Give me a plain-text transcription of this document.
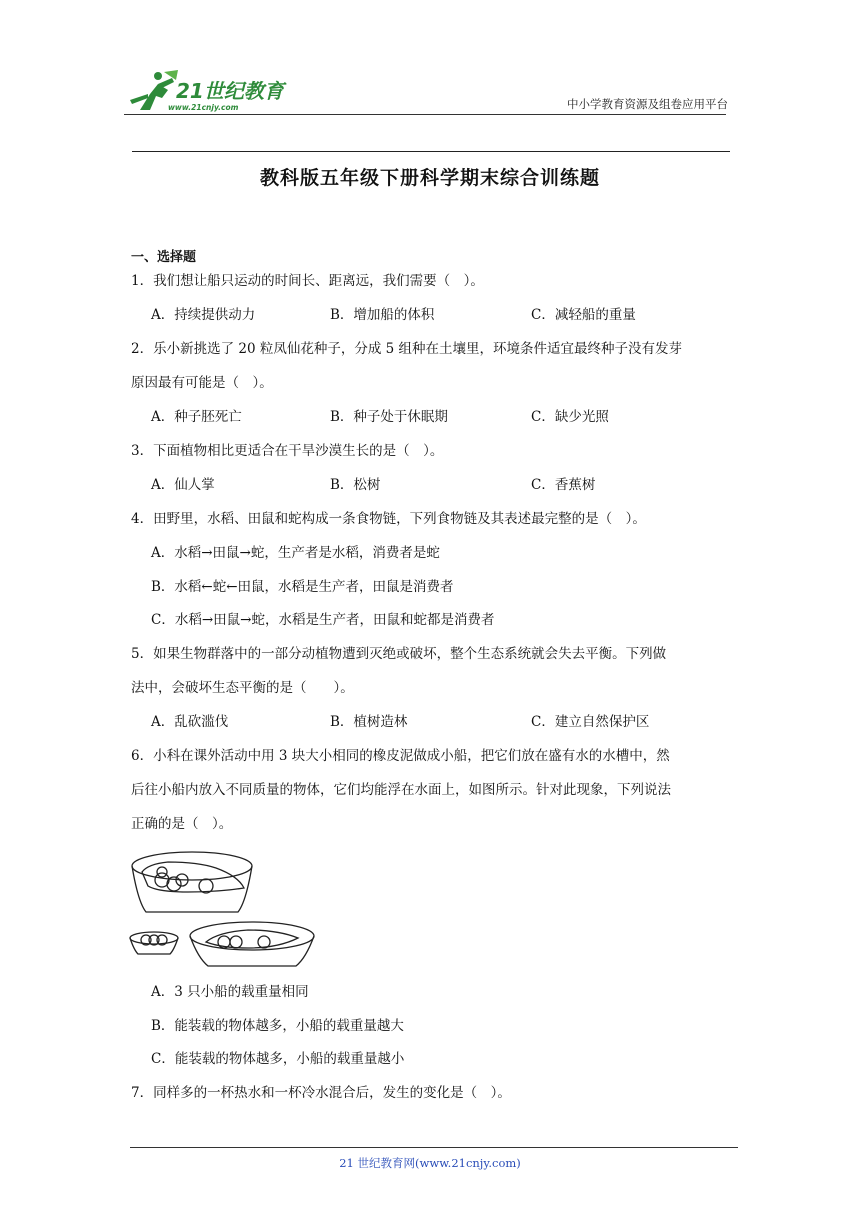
21世纪教育
www.21cnjy.com	中小学教育资源及组卷应用平台
教科版五年级下册科学期末综合训练题
一、选择题
1．我们想让船只运动的时间长、距离远，我们需要（　）。
A．持续提供动力	B．增加船的体积	C．减轻船的重量
2．乐小新挑选了 20 粒凤仙花种子，分成 5 组种在土壤里，环境条件适宜最终种子没有发芽
原因最有可能是（　）。
A．种子胚死亡	B．种子处于休眠期	C．缺少光照
3．下面植物相比更适合在干旱沙漠生长的是（　）。
A．仙人掌	B．松树	C．香蕉树
4．田野里，水稻、田鼠和蛇构成一条食物链，下列食物链及其表述最完整的是（　）。
A．水稻→田鼠→蛇，生产者是水稻，消费者是蛇
B．水稻←蛇←田鼠，水稻是生产者，田鼠是消费者
C．水稻→田鼠→蛇，水稻是生产者，田鼠和蛇都是消费者
5．如果生物群落中的一部分动植物遭到灭绝或破坏，整个生态系统就会失去平衡。下列做
法中，会破坏生态平衡的是（　　）。
A．乱砍滥伐	B．植树造林	C．建立自然保护区
6．小科在课外活动中用 3 块大小相同的橡皮泥做成小船，把它们放在盛有水的水槽中，然
后往小船内放入不同质量的物体，它们均能浮在水面上，如图所示。针对此现象，下列说法
正确的是（　）。
A．3 只小船的载重量相同
B．能装载的物体越多，小船的载重量越大
C．能装载的物体越多，小船的载重量越小
7．同样多的一杯热水和一杯冷水混合后，发生的变化是（　）。
21 世纪教育网(www.21cnjy.com)
